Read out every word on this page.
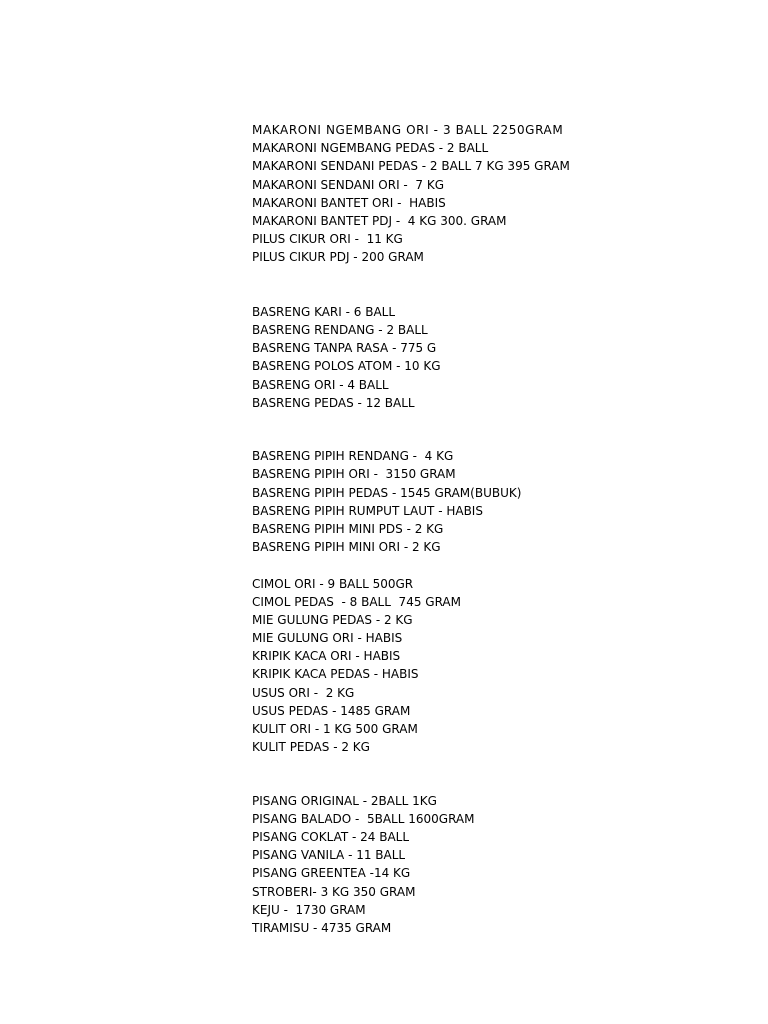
MAKARONI NGEMBANG ORI - 3 BALL 2250GRAM
MAKARONI NGEMBANG PEDAS - 2 BALL
MAKARONI SENDANI PEDAS - 2 BALL 7 KG 395 GRAM
MAKARONI SENDANI ORI -  7 KG
MAKARONI BANTET ORI -  HABIS
MAKARONI BANTET PDJ -  4 KG 300. GRAM
PILUS CIKUR ORI -  11 KG
PILUS CIKUR PDJ - 200 GRAM
BASRENG KARI - 6 BALL
BASRENG RENDANG - 2 BALL
BASRENG TANPA RASA - 775 G
BASRENG POLOS ATOM - 10 KG
BASRENG ORI - 4 BALL
BASRENG PEDAS - 12 BALL
BASRENG PIPIH RENDANG -  4 KG
BASRENG PIPIH ORI -  3150 GRAM
BASRENG PIPIH PEDAS - 1545 GRAM(BUBUK)
BASRENG PIPIH RUMPUT LAUT - HABIS
BASRENG PIPIH MINI PDS - 2 KG
BASRENG PIPIH MINI ORI - 2 KG
CIMOL ORI - 9 BALL 500GR
CIMOL PEDAS  - 8 BALL  745 GRAM
MIE GULUNG PEDAS - 2 KG
MIE GULUNG ORI - HABIS
KRIPIK KACA ORI - HABIS
KRIPIK KACA PEDAS - HABIS
USUS ORI -  2 KG
USUS PEDAS - 1485 GRAM
KULIT ORI - 1 KG 500 GRAM
KULIT PEDAS - 2 KG
PISANG ORIGINAL - 2BALL 1KG
PISANG BALADO -  5BALL 1600GRAM
PISANG COKLAT - 24 BALL
PISANG VANILA - 11 BALL
PISANG GREENTEA -14 KG
STROBERI- 3 KG 350 GRAM
KEJU -  1730 GRAM
TIRAMISU - 4735 GRAM
